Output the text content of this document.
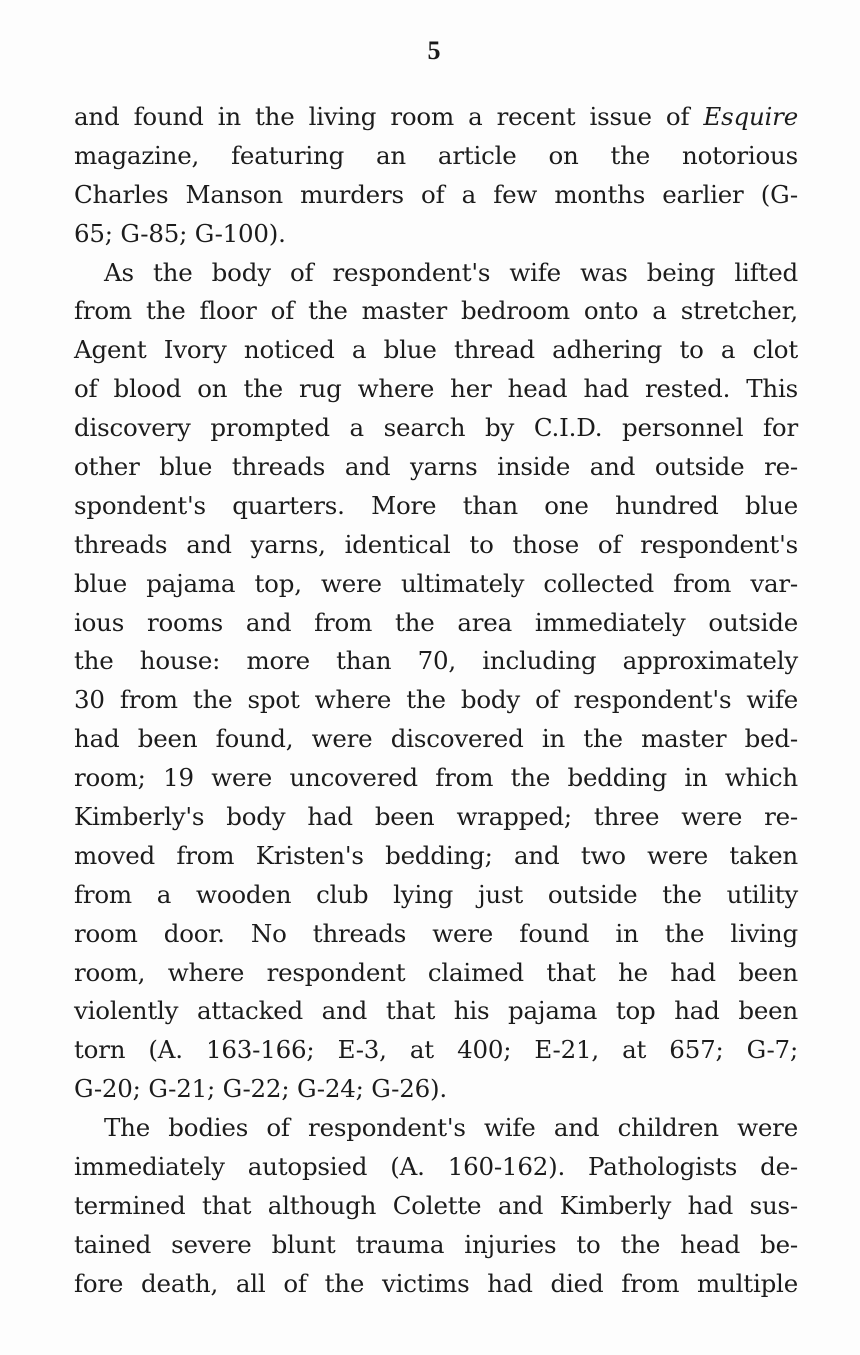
5
and found in the living room a recent issue of Esquire
magazine, featuring an article on the notorious
Charles Manson murders of a few months earlier (G-
65; G-85; G-100).
As the body of respondent's wife was being lifted
from the floor of the master bedroom onto a stretcher,
Agent Ivory noticed a blue thread adhering to a clot
of blood on the rug where her head had rested. This
discovery prompted a search by C.I.D. personnel for
other blue threads and yarns inside and outside re-
spondent's quarters. More than one hundred blue
threads and yarns, identical to those of respondent's
blue pajama top, were ultimately collected from var-
ious rooms and from the area immediately outside
the house: more than 70, including approximately
30 from the spot where the body of respondent's wife
had been found, were discovered in the master bed-
room; 19 were uncovered from the bedding in which
Kimberly's body had been wrapped; three were re-
moved from Kristen's bedding; and two were taken
from a wooden club lying just outside the utility
room door. No threads were found in the living
room, where respondent claimed that he had been
violently attacked and that his pajama top had been
torn (A. 163-166; E-3, at 400; E-21, at 657; G-7;
G-20; G-21; G-22; G-24; G-26).
The bodies of respondent's wife and children were
immediately autopsied (A. 160-162). Pathologists de-
termined that although Colette and Kimberly had sus-
tained severe blunt trauma injuries to the head be-
fore death, all of the victims had died from multiple
